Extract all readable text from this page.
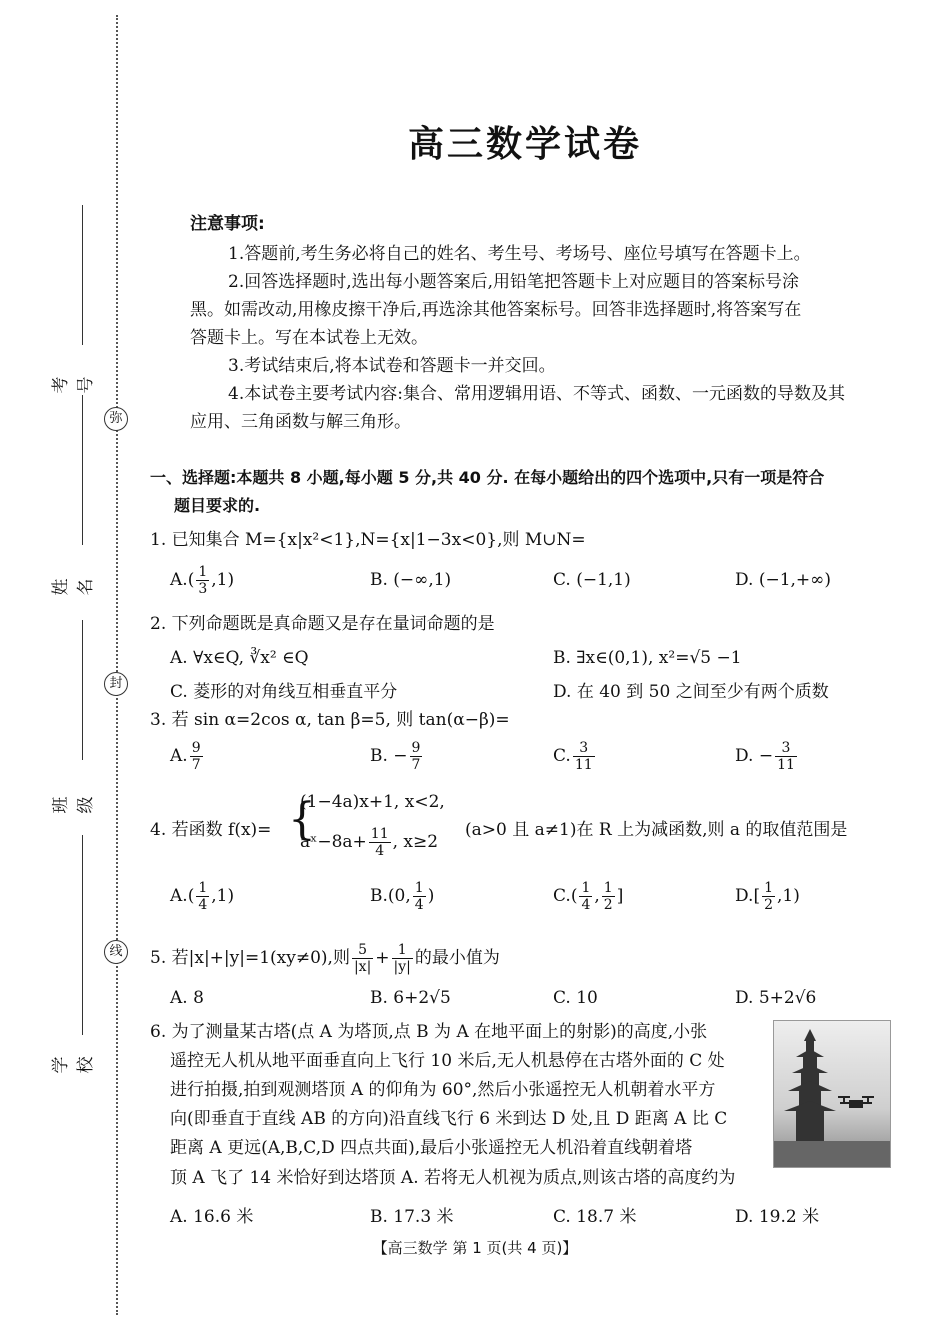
弥
封
线
考号
姓名
班级
学校
高三数学试卷
注意事项:
1.答题前,考生务必将自己的姓名、考生号、考场号、座位号填写在答题卡上。
2.回答选择题时,选出每小题答案后,用铅笔把答题卡上对应题目的答案标号涂
黑。如需改动,用橡皮擦干净后,再选涂其他答案标号。回答非选择题时,将答案写在
答题卡上。写在本试卷上无效。
3.考试结束后,将本试卷和答题卡一并交回。
4.本试卷主要考试内容:集合、常用逻辑用语、不等式、函数、一元函数的导数及其
应用、三角函数与解三角形。
一、选择题:本题共 8 小题,每小题 5 分,共 40 分. 在每小题给出的四个选项中,只有一项是符合
题目要求的.
1. 已知集合 M={x|x²<1},N={x|1−3x<0},则 M∪N=
$A.( \frac{1}{3} ,1)$	B. (−∞,1)	C. (−1,1)	D. (−1,+∞)
2. 下列命题既是真命题又是存在量词命题的是
A. ∀x∈Q, ∛x² ∈Q	B. ∃x∈(0,1), x²=√5 −1
C. 菱形的对角线互相垂直平分	D. 在 40 到 50 之间至少有两个质数
3. 若 sin α=2cos α, tan β=5, 则 tan(α−β)=
A. $\frac{9}{7}$	B. − $\frac{9}{7}$	C. $\frac{3}{11}$	D. − $\frac{3}{11}$
4. 若函数 f(x)= {
(1−4a)x+1, x<2,
aˣ−8a+ $\frac{11}{4}$ , x≥2
(a>0 且 a≠1)在 R 上为减函数,则 a 的取值范围是
$A.( \frac{1}{4} ,1)$	B.(0, $\frac{1}{4}$ )	$C.( \frac{1}{4}$ , $\frac{1}{2}$ ]	$D.[ \frac{1}{2} ,1)$
5. 若|x|+|y|=1(xy≠0),则 $\frac{5}{|x|} + \frac{1}{|y|}$ 的最小值为
A. 8	B. 6+2√5	C. 10	D. 5+2√6
6. 为了测量某古塔(点 A 为塔顶,点 B 为 A 在地平面上的射影)的高度,小张
遥控无人机从地平面垂直向上飞行 10 米后,无人机悬停在古塔外面的 C 处
进行拍摄,拍到观测塔顶 A 的仰角为 60°,然后小张遥控无人机朝着水平方
向(即垂直于直线 AB 的方向)沿直线飞行 6 米到达 D 处,且 D 距离 A 比 C
距离 A 更远(A,B,C,D 四点共面),最后小张遥控无人机沿着直线朝着塔
顶 A 飞了 14 米恰好到达塔顶 A. 若将无人机视为质点,则该古塔的高度约为
A. 16.6 米	B. 17.3 米	C. 18.7 米	D. 19.2 米
【高三数学 第 1 页(共 4 页)】
